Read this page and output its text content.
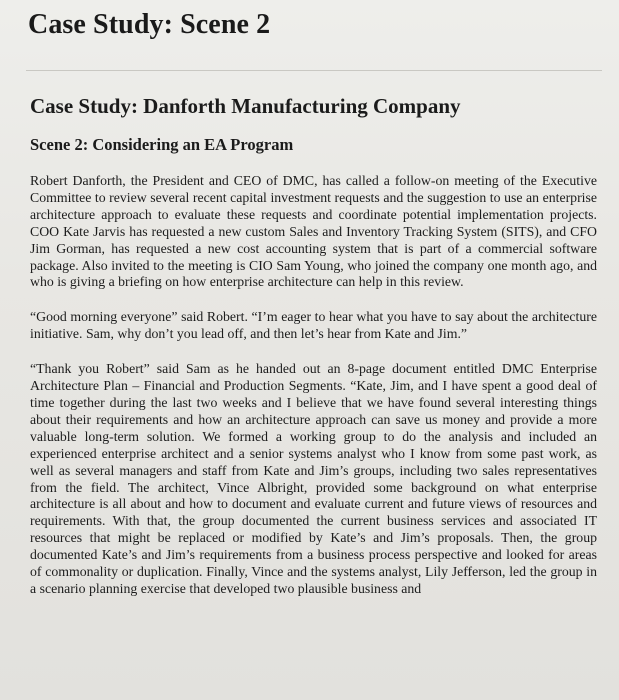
Case Study: Scene 2
Case Study: Danforth Manufacturing Company
Scene 2: Considering an EA Program

Robert Danforth, the President and CEO of DMC, has called a follow-on meeting of the Executive Committee to review several recent capital investment requests and the suggestion to use an enterprise architecture approach to evaluate these requests and coordinate potential implementation projects. COO Kate Jarvis has requested a new custom Sales and Inventory Tracking System (SITS), and CFO Jim Gorman, has requested a new cost accounting system that is part of a commercial software package. Also invited to the meeting is CIO Sam Young, who joined the company one month ago, and who is giving a briefing on how enterprise architecture can help in this review.

“Good morning everyone” said Robert. “I’m eager to hear what you have to say about the architecture initiative. Sam, why don’t you lead off, and then let’s hear from Kate and Jim.”

“Thank you Robert” said Sam as he handed out an 8-page document entitled DMC Enterprise Architecture Plan – Financial and Production Segments. “Kate, Jim, and I have spent a good deal of time together during the last two weeks and I believe that we have found several interesting things about their requirements and how an architecture approach can save us money and provide a more valuable long-term solution. We formed a working group to do the analysis and included an experienced enterprise architect and a senior systems analyst who I know from some past work, as well as several managers and staff from Kate and Jim’s groups, including two sales representatives from the field. The architect, Vince Albright, provided some background on what enterprise architecture is all about and how to document and evaluate current and future views of resources and requirements. With that, the group documented the current business services and associated IT resources that might be replaced or modified by Kate’s and Jim’s proposals. Then, the group documented Kate’s and Jim’s requirements from a business process perspective and looked for areas of commonality or duplication. Finally, Vince and the systems analyst, Lily Jefferson, led the group in a scenario planning exercise that developed two plausible business and
